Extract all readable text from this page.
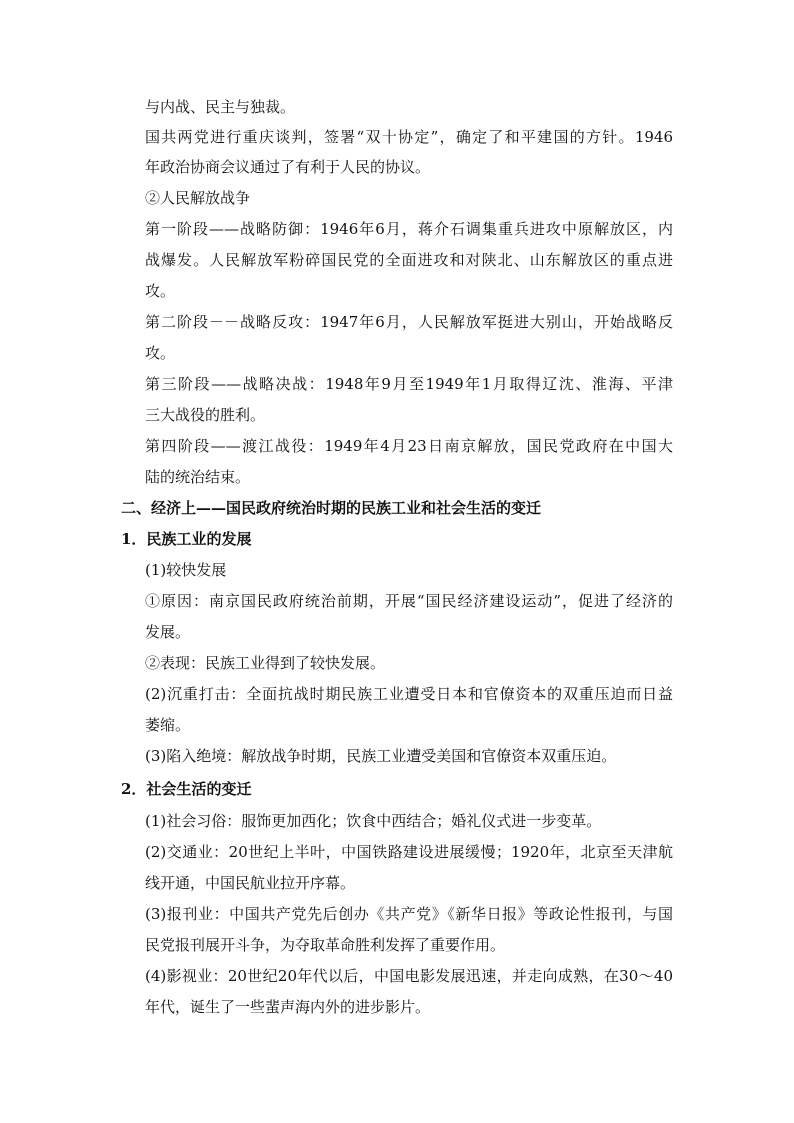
与内战、民主与独裁。
国共两党进行重庆谈判，签署“双十协定”，确定了和平建国的方针。1946
年政治协商会议通过了有利于人民的协议。
②人民解放战争
第一阶段——战略防御：1946年6月，蒋介石调集重兵进攻中原解放区，内
战爆发。人民解放军粉碎国民党的全面进攻和对陕北、山东解放区的重点进
攻。
第二阶段－－战略反攻：1947年6月，人民解放军挺进大别山，开始战略反
攻。
第三阶段——战略决战：1948年9月至1949年1月取得辽沈、淮海、平津
三大战役的胜利。
第四阶段——渡江战役：1949年4月23日南京解放，国民党政府在中国大
陆的统治结束。
二、经济上——国民政府统治时期的民族工业和社会生活的变迁
1．民族工业的发展
(1)较快发展
①原因：南京国民政府统治前期，开展“国民经济建设运动”，促进了经济的
发展。
②表现：民族工业得到了较快发展。
(2)沉重打击：全面抗战时期民族工业遭受日本和官僚资本的双重压迫而日益
萎缩。
(3)陷入绝境：解放战争时期，民族工业遭受美国和官僚资本双重压迫。
2．社会生活的变迁
(1)社会习俗：服饰更加西化；饮食中西结合；婚礼仪式进一步变革。
(2)交通业：20世纪上半叶，中国铁路建设进展缓慢；1920年，北京至天津航
线开通，中国民航业拉开序幕。
(3)报刊业：中国共产党先后创办《共产党》《新华日报》等政论性报刊，与国
民党报刊展开斗争，为夺取革命胜利发挥了重要作用。
(4)影视业：20世纪20年代以后，中国电影发展迅速，并走向成熟，在30～40
年代，诞生了一些蜚声海内外的进步影片。
